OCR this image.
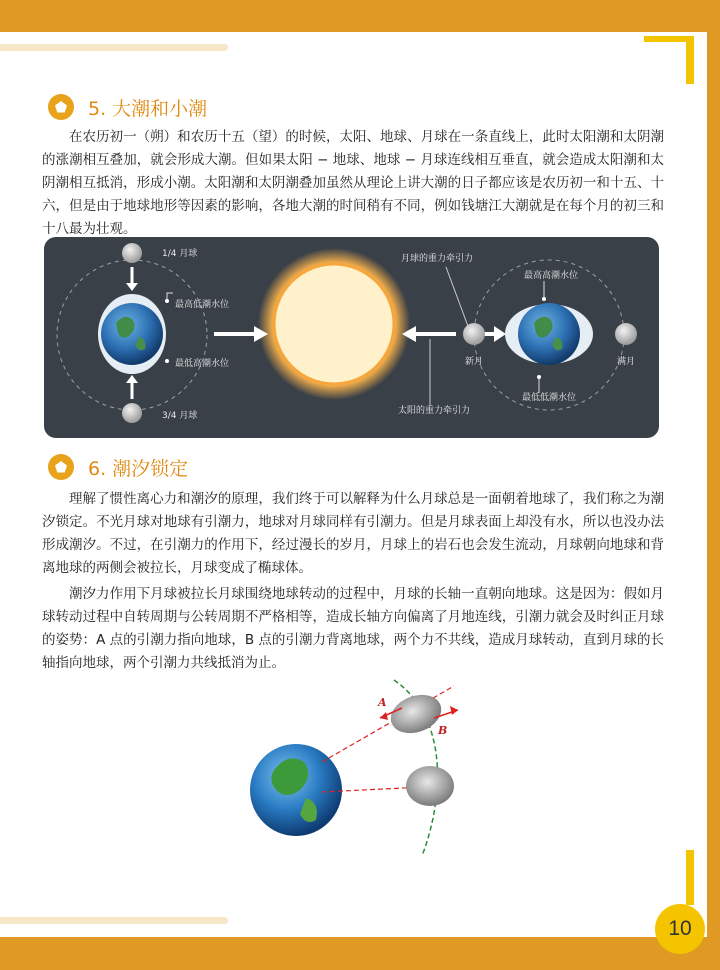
5. 大潮和小潮

在农历初一（朔）和农历十五（望）的时候，太阳、地球、月球在一条直线上，此时太阳潮和太阴潮的涨潮相互叠加，就会形成大潮。但如果太阳 − 地球、地球 − 月球连线相互垂直，就会造成太阳潮和太阴潮相互抵消，形成小潮。太阳潮和太阴潮叠加虽然从理论上讲大潮的日子都应该是农历初一和十五、十六，但是由于地球地形等因素的影响，各地大潮的时间稍有不同，例如钱塘江大潮就是在每个月的初三和十八最为壮观。

1/4 月球
最高低潮水位
最低高潮水位
3/4 月球
月球的重力牵引力
太阳的重力牵引力
最高高潮水位
最低低潮水位
新月	满月
6. 潮汐锁定

理解了惯性离心力和潮汐的原理，我们终于可以解释为什么月球总是一面朝着地球了，我们称之为潮汐锁定。不光月球对地球有引潮力，地球对月球同样有引潮力。但是月球表面上却没有水，所以也没办法形成潮汐。不过，在引潮力的作用下，经过漫长的岁月，月球上的岩石也会发生流动，月球朝向地球和背离地球的两侧会被拉长，月球变成了椭球体。

潮汐力作用下月球被拉长月球围绕地球转动的过程中，月球的长轴一直朝向地球。这是因为：假如月球转动过程中自转周期与公转周期不严格相等，造成长轴方向偏离了月地连线，引潮力就会及时纠正月球的姿势：A 点的引潮力指向地球，B 点的引潮力背离地球，两个力不共线，造成月球转动，直到月球的长轴指向地球，两个引潮力共线抵消为止。

A
B
10
